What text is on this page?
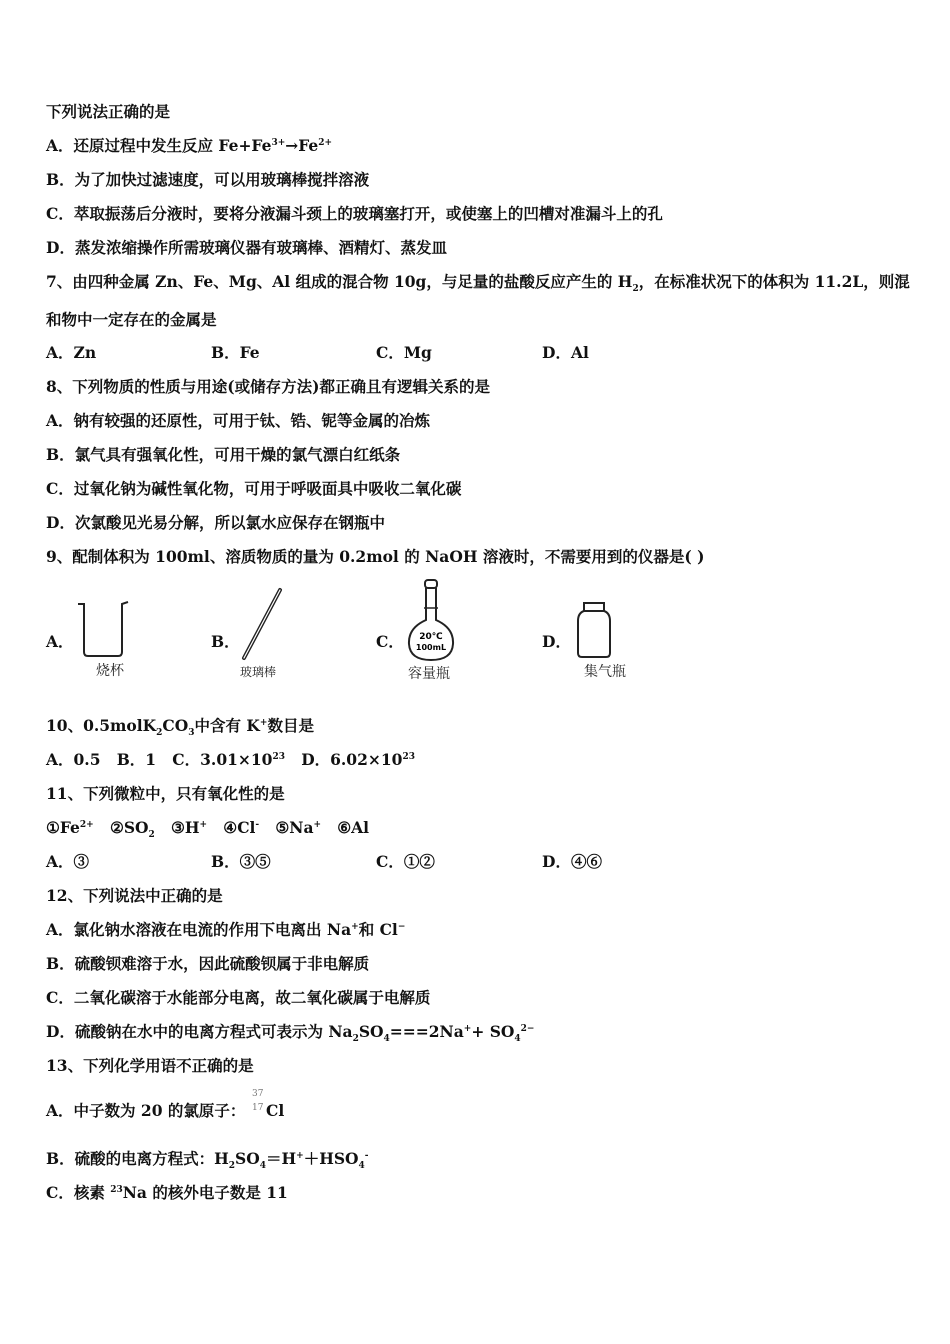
下列说法正确的是
A．还原过程中发生反应 $Fe+Fe^{3+}\to Fe^{2+}$
B．为了加快过滤速度，可以用玻璃棒搅拌溶液
C．萃取振荡后分液时，要将分液漏斗颈上的玻璃塞打开，或使塞上的凹槽对准漏斗上的孔
D．蒸发浓缩操作所需玻璃仪器有玻璃棒、酒精灯、蒸发皿
7、由四种金属 Zn、Fe、Mg、Al 组成的混合物 10g，与足量的盐酸反应产生的 $H_2$，在标准状况下的体积为 11.2L，则混
和物中一定存在的金属是
A．Zn	B．Fe	C．Mg	D．Al
8、下列物质的性质与用途(或储存方法)都正确且有逻辑关系的是
A．钠有较强的还原性，可用于钛、锆、铌等金属的冶炼
B．氯气具有强氧化性，可用干燥的氯气漂白红纸条
C．过氧化钠为碱性氧化物，可用于呼吸面具中吸收二氧化碳
D．次氯酸见光易分解，所以氯水应保存在钢瓶中
9、配制体积为 100ml、溶质物质的量为 0.2mol 的 NaOH 溶液时，不需要用到的仪器是( )
A．
烧杯
B．
玻璃棒
C． 20℃
100mL
容量瓶
D．
集气瓶
10、$0.5molK_2CO_3$中含有 K+数目是
A．0.5 B．1 C．$3.01\times 10^{23}$ D．$6.02\times 10^{23}$
11、下列微粒中，只有氧化性的是
$①Fe^{2+}$ $②SO_2$ ③H+ ④Cl- ⑤Na+ ⑥Al
A．③	B．③⑤	C．①②	D．④⑥
12、下列说法中正确的是
A．氯化钠水溶液在电流的作用下电离出 Na+和 Cl−
B．硫酸钡难溶于水，因此硫酸钡属于非电解质
C．二氧化碳溶于水能部分电离，故二氧化碳属于电解质
D．硫酸钠在水中的电离方程式可表示为 $Na_2SO_4===2Na^++ SO_4^{2-}$
13、下列化学用语不正确的是
A．中子数为 20 的氯原子：
37
17 Cl
B．硫酸的电离方程式：$H_2SO_4=H^++HSO_4^-$
C．核素 $^{23}$Na 的核外电子数是 11
